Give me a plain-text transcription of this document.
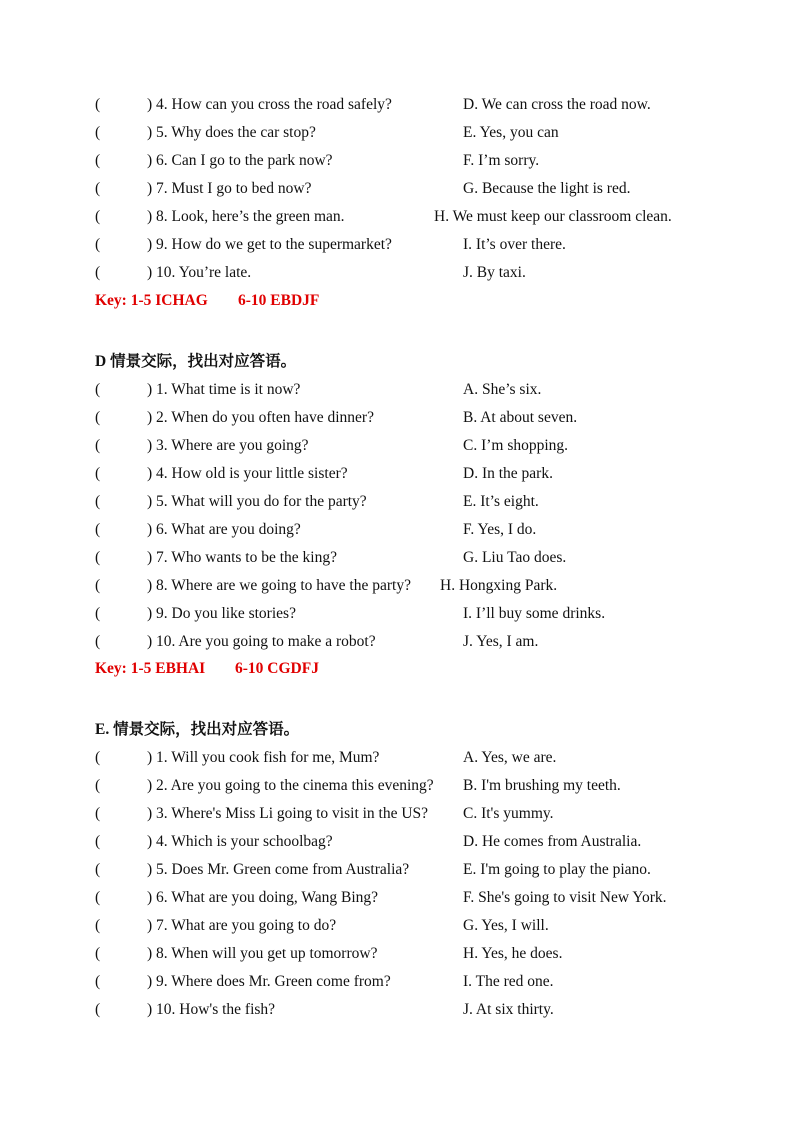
(	) 4. How can you cross the road safely?	D. We can cross the road now.
(	) 5. Why does the car stop?	E. Yes, you can
(	) 6. Can I go to the park now?	F. I’m sorry.
(	) 7. Must I go to bed now?	G. Because the light is red.
(	) 8. Look, here’s the green man.	H. We must keep our classroom clean.
(	) 9. How do we get to the supermarket?	I. It’s over there.
(	) 10. You’re late.	J. By taxi.
Key: 1-5 ICHAG 6-10 EBDJF
D 情景交际，找出对应答语。
(	) 1. What time is it now?	A. She’s six.
(	) 2. When do you often have dinner?	B. At about seven.
(	) 3. Where are you going?	C. I’m shopping.
(	) 4. How old is your little sister?	D. In the park.
(	) 5. What will you do for the party?	E. It’s eight.
(	) 6. What are you doing?	F. Yes, I do.
(	) 7. Who wants to be the king?	G. Liu Tao does.
(	) 8. Where are we going to have the party? H. Hongxing Park.
(	) 9. Do you like stories?	I. I’ll buy some drinks.
(	) 10. Are you going to make a robot?	J. Yes, I am.
Key: 1-5 EBHAI 6-10 CGDFJ
E. 情景交际，找出对应答语。
(	) 1. Will you cook fish for me, Mum?	A. Yes, we are.
(	) 2. Are you going to the cinema this evening? B. I'm brushing my teeth.
(	) 3. Where's Miss Li going to visit in the US? C. It's yummy.
(	) 4. Which is your schoolbag?	D. He comes from Australia.
(	) 5. Does Mr. Green come from Australia?	E. I'm going to play the piano.
(	) 6. What are you doing, Wang Bing?	F. She's going to visit New York.
(	) 7. What are you going to do?	G. Yes, I will.
(	) 8. When will you get up tomorrow?	H. Yes, he does.
(	) 9. Where does Mr. Green come from?	I. The red one.
(	) 10. How's the fish?	J. At six thirty.
